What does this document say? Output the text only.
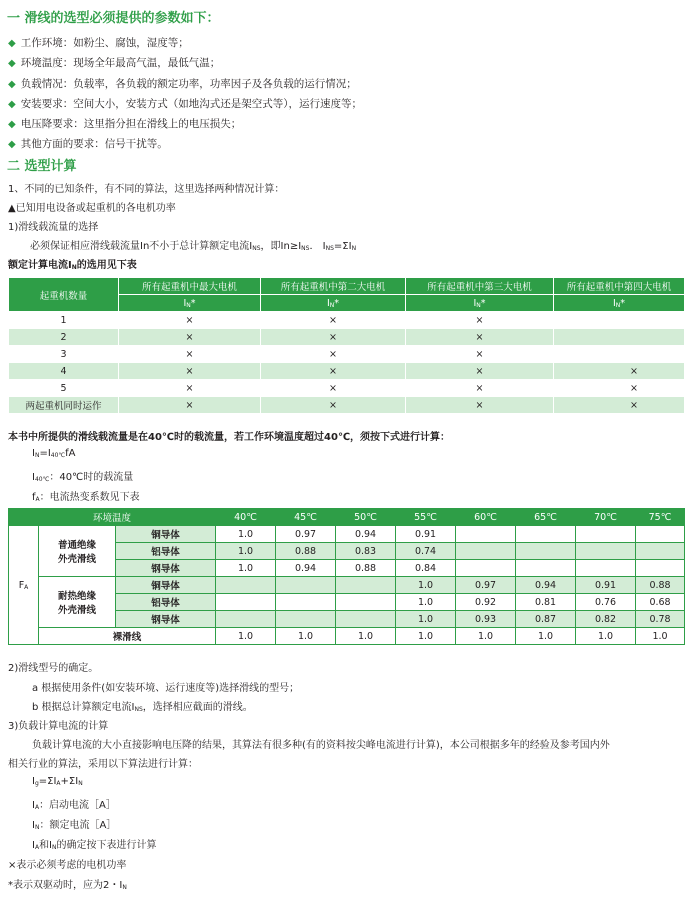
一 滑线的选型必须提供的参数如下：
◆ 工作环境：如粉尘、腐蚀，湿度等；
◆ 环境温度：现场全年最高气温，最低气温；
◆ 负载情况：负载率，各负载的额定功率，功率因子及各负载的运行情况；
◆ 安装要求：空间大小，安装方式（如地沟式还是架空式等），运行速度等；
◆ 电压降要求：这里指分担在滑线上的电压损失；
◆ 其他方面的要求：信号干扰等。
二 选型计算
1、不同的已知条件，有不同的算法，这里选择两种情况计算：
▲已知用电设备或起重机的各电机功率
1)滑线载流量的选择
必须保证相应滑线载流量In不小于总计算额定电流$I_{NS}$，即$In\ge I_{NS}$． $I_{NS}=\Sigma I_N$
额定计算电流$I_N$的选用见下表
起重机数量	所有起重机中最大电机	所有起重机中第二大电机	所有起重机中第三大电机	所有起重机中第四大电机
	$I_N*$	$I_N*$	$I_N*$	$I_N*$
1	×	×	×	
2	×	×	×	
3	×	×	×	
4	×	×	×	×
5	×	×	×	×
两起重机同时运作	×	×	×	×
本书中所提供的滑线载流量是在40℃时的载流量，若工作环境温度超过40℃，须按下式进行计算：
$I_N=I_{40℃}fA$
$I_{40℃}$：40℃时的载流量
$f_A$：电流热变系数见下表
环境温度			40℃	45℃	50℃	55℃	60℃	65℃	70℃	75℃
$F_A$	普通绝缘
外壳滑线	铜导体	1.0	0.97	0.94	0.91				
		铝导体	1.0	0.88	0.83	0.74				
		钢导体	1.0	0.94	0.88	0.84				

	耐热绝缘
外壳滑线	铜导体				1.0	0.97	0.94	0.91	0.88
		铝导体				1.0	0.92	0.81	0.76	0.68
		钢导体				1.0	0.93	0.87	0.82	0.78
	裸滑线		1.0	1.0	1.0	1.0	1.0	1.0	1.0	1.0
2)滑线型号的确定。
a 根据使用条件(如安装环境、运行速度等)选择滑线的型号；
b 根据总计算额定电流$I_{NS}$，选择相应截面的滑线。
3)负载计算电流的计算
负载计算电流的大小直接影响电压降的结果，其算法有很多种(有的资料按尖峰电流进行计算)，本公司根据多年的经验及参考国内外
相关行业的算法，采用以下算法进行计算：
$I_g=\Sigma I_A+\Sigma I_N$
$I_A$：启动电流［A］
$I_N$：额定电流［A］
$I_A$和$I_N$的确定按下表进行计算
×表示必须考虑的电机功率
*表示双驱动时，应为2・$I_N$
